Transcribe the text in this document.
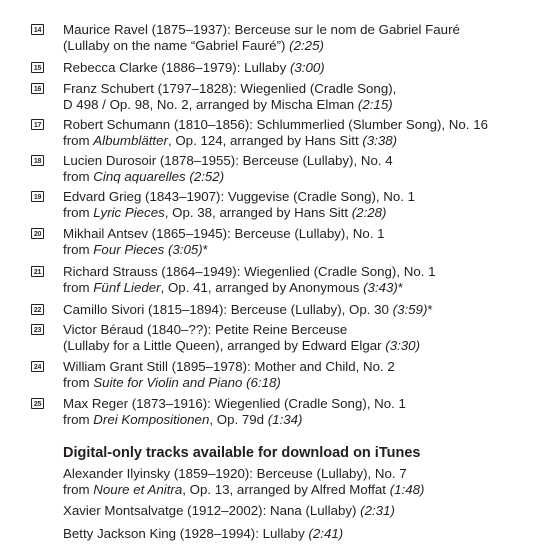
14 Maurice Ravel (1875–1937): Berceuse sur le nom de Gabriel Fauré
(Lullaby on the name “Gabriel Fauré”) (2:25)
15 Rebecca Clarke (1886–1979): Lullaby (3:00)
16 Franz Schubert (1797–1828): Wiegenlied (Cradle Song),
D 498 / Op. 98, No. 2, arranged by Mischa Elman (2:15)
17 Robert Schumann (1810–1856): Schlummerlied (Slumber Song), No. 16
from Albumblätter, Op. 124, arranged by Hans Sitt (3:38)
18 Lucien Durosoir (1878–1955): Berceuse (Lullaby), No. 4
from Cinq aquarelles (2:52)
19 Edvard Grieg (1843–1907): Vuggevise (Cradle Song), No. 1
from Lyric Pieces, Op. 38, arranged by Hans Sitt (2:28)
20 Mikhail Antsev (1865–1945): Berceuse (Lullaby), No. 1
from Four Pieces (3:05)*
21 Richard Strauss (1864–1949): Wiegenlied (Cradle Song), No. 1
from Fünf Lieder, Op. 41, arranged by Anonymous (3:43)*
22 Camillo Sivori (1815–1894): Berceuse (Lullaby), Op. 30 (3:59)*
23 Victor Béraud (1840–??): Petite Reine Berceuse
(Lullaby for a Little Queen), arranged by Edward Elgar (3:30)
24 William Grant Still (1895–1978): Mother and Child, No. 2
from Suite for Violin and Piano (6:18)
25 Max Reger (1873–1916): Wiegenlied (Cradle Song), No. 1
from Drei Kompositionen, Op. 79d (1:34)
Digital-only tracks available for download on iTunes
Alexander Ilyinsky (1859–1920): Berceuse (Lullaby), No. 7
from Noure et Anitra, Op. 13, arranged by Alfred Moffat (1:48)
Xavier Montsalvatge (1912–2002): Nana (Lullaby) (2:31)
Betty Jackson King (1928–1994): Lullaby (2:41)
